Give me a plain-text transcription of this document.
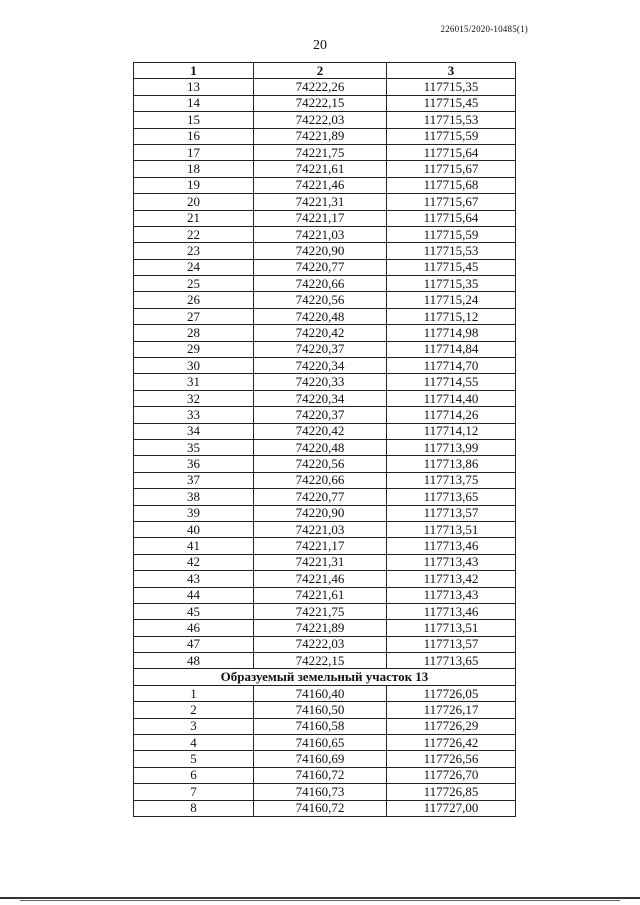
226015/2020-10485(1)
20
1	2	3
13	74222,26	117715,35
14	74222,15	117715,45
15	74222,03	117715,53
16	74221,89	117715,59
17	74221,75	117715,64
18	74221,61	117715,67
19	74221,46	117715,68
20	74221,31	117715,67
21	74221,17	117715,64
22	74221,03	117715,59
23	74220,90	117715,53
24	74220,77	117715,45
25	74220,66	117715,35
26	74220,56	117715,24
27	74220,48	117715,12
28	74220,42	117714,98
29	74220,37	117714,84
30	74220,34	117714,70
31	74220,33	117714,55
32	74220,34	117714,40
33	74220,37	117714,26
34	74220,42	117714,12
35	74220,48	117713,99
36	74220,56	117713,86
37	74220,66	117713,75
38	74220,77	117713,65
39	74220,90	117713,57
40	74221,03	117713,51
41	74221,17	117713,46
42	74221,31	117713,43
43	74221,46	117713,42
44	74221,61	117713,43
45	74221,75	117713,46
46	74221,89	117713,51
47	74222,03	117713,57
48	74222,15	117713,65
Образуемый земельный участок 13		
1	74160,40	117726,05
2	74160,50	117726,17
3	74160,58	117726,29
4	74160,65	117726,42
5	74160,69	117726,56
6	74160,72	117726,70
7	74160,73	117726,85
8	74160,72	117727,00
